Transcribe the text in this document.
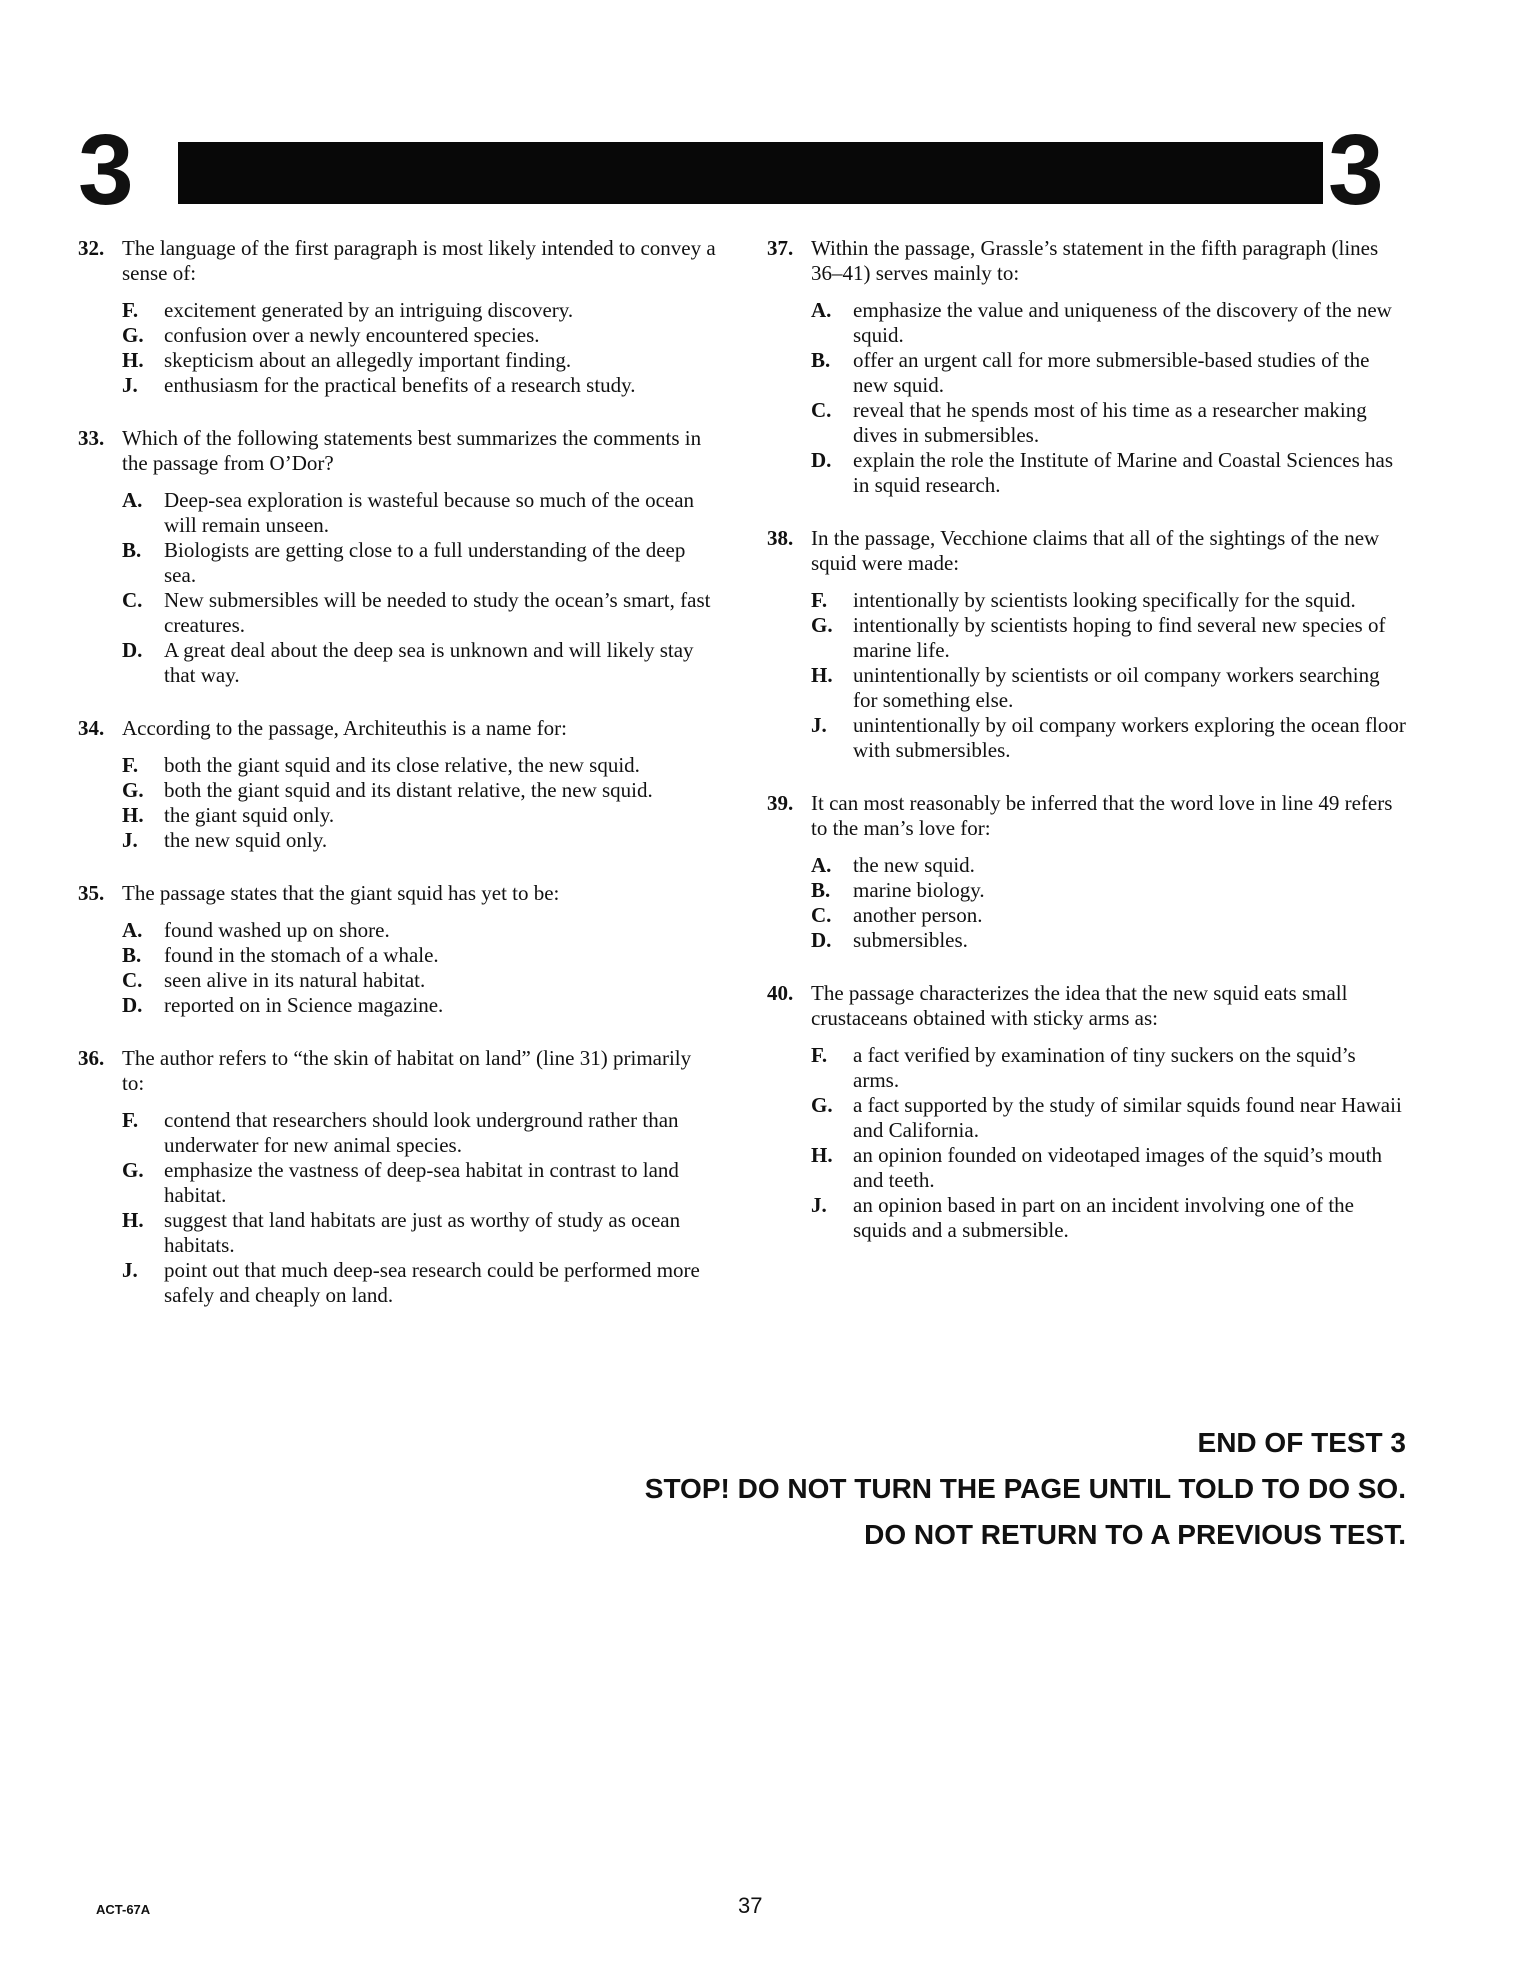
3	3
32. The language of the first paragraph is most likely intended to convey a sense of:
F.	excitement generated by an intriguing discovery.
G. confusion over a newly encountered species.
H. skepticism about an allegedly important finding.
J.	enthusiasm for the practical benefits of a research study.
33. Which of the following statements best summarizes the comments in the passage from O’Dor?
A.	Deep-sea exploration is wasteful because so much of the ocean will remain unseen.
B.	Biologists are getting close to a full understanding of the deep sea.
C.	New submersibles will be needed to study the ocean’s smart, fast creatures.
D.	A great deal about the deep sea is unknown and will likely stay that way.
34. According to the passage, Architeuthis is a name for:
F.	both the giant squid and its close relative, the new squid.
G. both the giant squid and its distant relative, the new squid.
H. the giant squid only.
J.	the new squid only.
35. The passage states that the giant squid has yet to be:
A.	found washed up on shore.
B.	found in the stomach of a whale.
C.	seen alive in its natural habitat.
D.	reported on in Science magazine.
36. The author refers to “the skin of habitat on land” (line 31) primarily to:
F.	contend that researchers should look underground rather than underwater for new animal species.
G. emphasize the vastness of deep-sea habitat in contrast to land habitat.
H. suggest that land habitats are just as worthy of study as ocean habitats.
J.	point out that much deep-sea research could be performed more safely and cheaply on land.
37. Within the passage, Grassle’s statement in the fifth paragraph (lines 36–41) serves mainly to:
A.	emphasize the value and uniqueness of the discovery of the new squid.
B.	offer an urgent call for more submersible-based studies of the new squid.
C.	reveal that he spends most of his time as a researcher making dives in submersibles.
D.	explain the role the Institute of Marine and Coastal Sciences has in squid research.
38. In the passage, Vecchione claims that all of the sightings of the new squid were made:
F.	intentionally by scientists looking specifically for the squid.
G. intentionally by scientists hoping to find several new species of marine life.
H. unintentionally by scientists or oil company workers searching for something else.
J.	unintentionally by oil company workers exploring the ocean floor with submersibles.
39. It can most reasonably be inferred that the word love in line 49 refers to the man’s love for:
A.	the new squid.
B.	marine biology.
C.	another person.
D.	submersibles.
40. The passage characterizes the idea that the new squid eats small crustaceans obtained with sticky arms as:
F.	a fact verified by examination of tiny suckers on the squid’s arms.
G. a fact supported by the study of similar squids found near Hawaii and California.
H. an opinion founded on videotaped images of the squid’s mouth and teeth.
J.	an opinion based in part on an incident involving one of the squids and a submersible.
END OF TEST 3
STOP! DO NOT TURN THE PAGE UNTIL TOLD TO DO SO.
DO NOT RETURN TO A PREVIOUS TEST.
ACT-67A	37
